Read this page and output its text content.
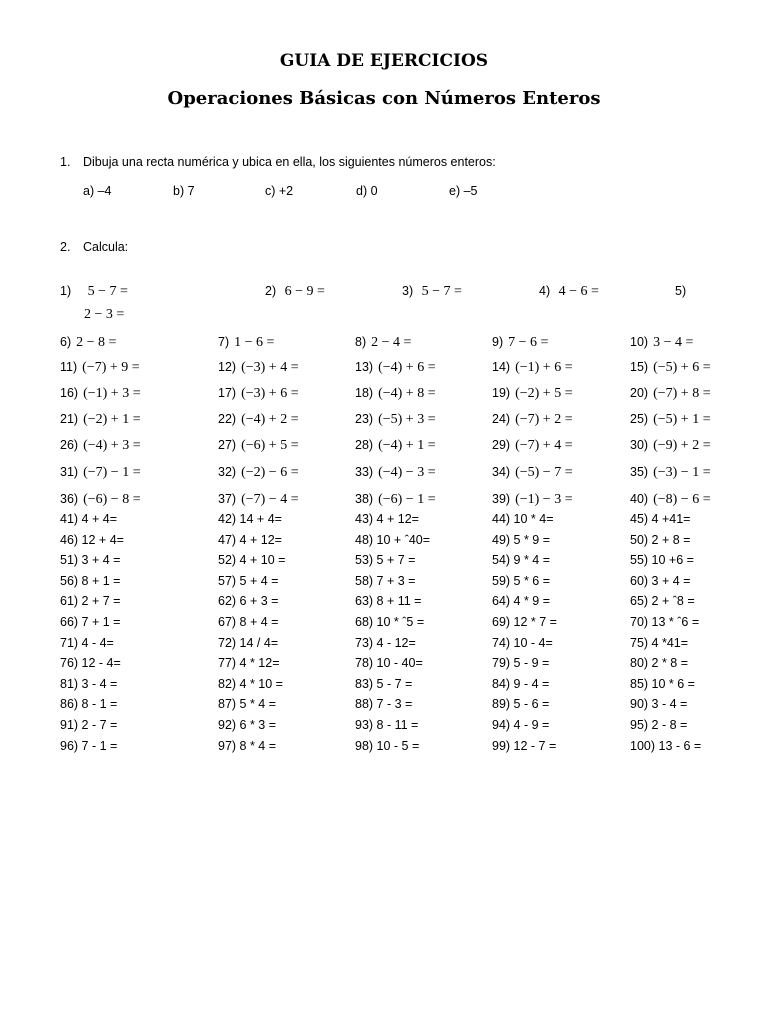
GUIA DE EJERCICIOS
Operaciones Básicas con Números Enteros
1. Dibuja una recta numérica y ubica en ella, los siguientes números enteros:
a) –4	b) 7	c) +2	d) 0	e) –5
2. Calcula:
1) 5 − 7 =	2) 6 − 9 =	3) 5 − 7 =	4) 4 − 6 =	5)
2 − 3 =
6) 2 − 8 =	7) 1 − 6 =	8) 2 − 4 =	9) 7 − 6 =	10) 3 − 4 =
11) (−7) + 9 =	12) (−3) + 4 =	13) (−4) + 6 =	14) (−1) + 6 =	15) (−5) + 6 =
16) (−1) + 3 =	17) (−3) + 6 =	18) (−4) + 8 =	19) (−2) + 5 =	20) (−7) + 8 =
21) (−2) + 1 =	22) (−4) + 2 =	23) (−5) + 3 =	24) (−7) + 2 =	25) (−5) + 1 =
26) (−4) + 3 =	27) (−6) + 5 =	28) (−4) + 1 =	29) (−7) + 4 =	30) (−9) + 2 =
31) (−7) − 1 =	32) (−2) − 6 =	33) (−4) − 3 =	34) (−5) − 7 =	35) (−3) − 1 =
36) (−6) − 8 =	37) (−7) − 4 =	38) (−6) − 1 =	39) (−1) − 3 =	40) (−8) − 6 =
41) 4 + 4=	42) 14 + 4=	43) 4 + 12=	44) 10 * 4=	45) 4 +41=
46) 12 + 4=	47) 4 + 12=	48) 10 + ˆ40=	49) 5 * 9 =	50) 2 + 8 =
51) 3 + 4 =	52) 4 + 10 =	53) 5 + 7 =	54) 9 * 4 =	55) 10 +6 =
56) 8 + 1 =	57) 5 + 4 =	58) 7 + 3 =	59) 5 * 6 =	60) 3 + 4 =
61) 2 + 7 =	62) 6 + 3 =	63) 8 + 11 =	64) 4 * 9 =	65) 2 + ˆ8 =
66) 7 + 1 =	67) 8 + 4 =	68) 10 * ˆ5 =	69) 12 * 7 =	70) 13 * ˆ6 =
71) 4 - 4=	72) 14 / 4=	73) 4 - 12=	74) 10 - 4=	75) 4 *41=
76) 12 - 4=	77) 4 * 12=	78) 10 - 40=	79) 5 - 9 =	80) 2 * 8 =
81) 3 - 4 =	82) 4 * 10 =	83) 5 - 7 =	84) 9 - 4 =	85) 10 * 6 =
86) 8 - 1 =	87) 5 * 4 =	88) 7 - 3 =	89) 5 - 6 =	90) 3 - 4 =
91) 2 - 7 =	92) 6 * 3 =	93) 8 - 11 =	94) 4 - 9 =	95) 2 - 8 =
96) 7 - 1 =	97) 8 * 4 =	98) 10 - 5 =	99) 12 - 7 =	100) 13 - 6 =
